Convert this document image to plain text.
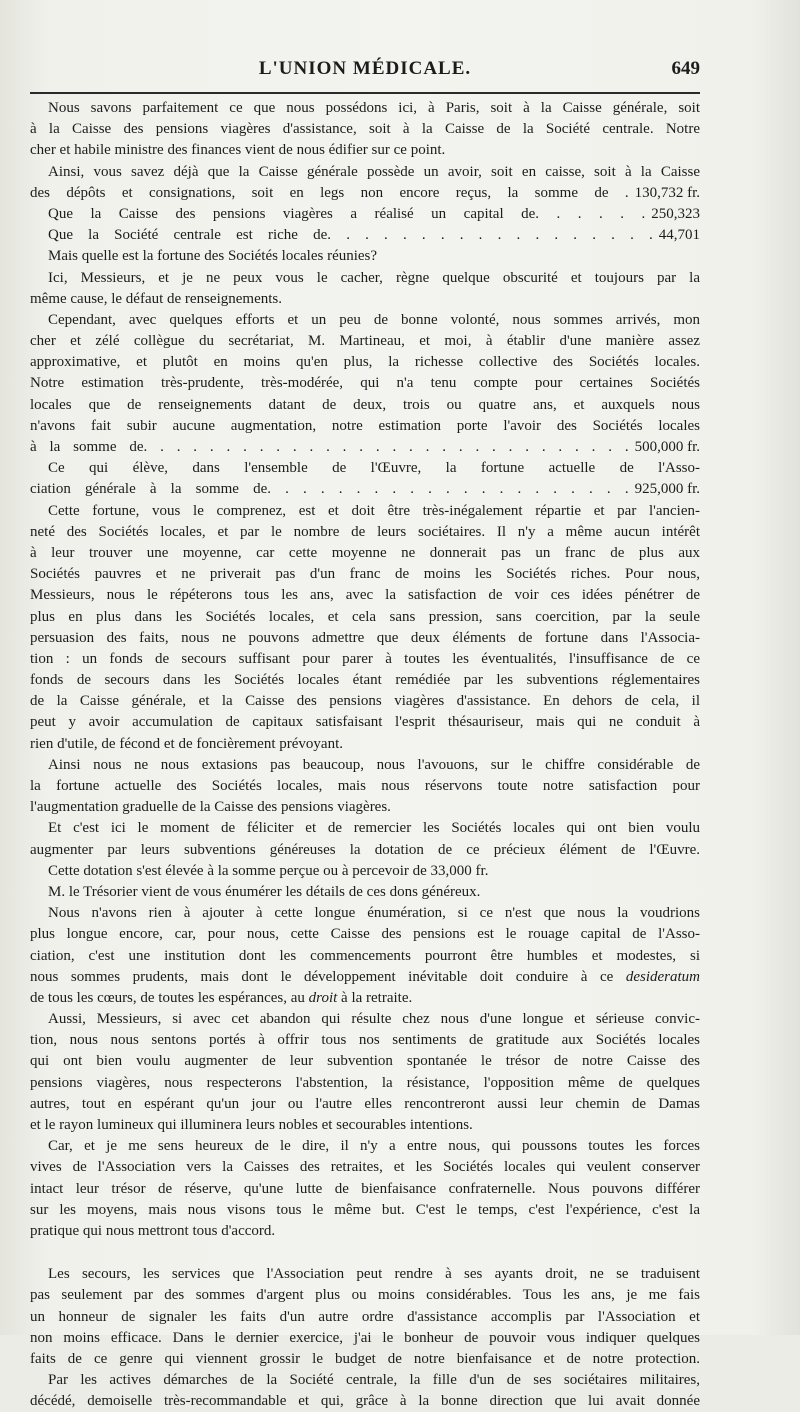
L'UNION MÉDICALE.	649
Nous savons parfaitement ce que nous possédons ici, à Paris, soit à la Caisse générale, soit
à la Caisse des pensions viagères d'assistance, soit à la Caisse de la Société centrale. Notre
cher et habile ministre des finances vient de nous édifier sur ce point.
Ainsi, vous savez déjà que la Caisse générale possède un avoir, soit en caisse, soit à la Caisse
des dépôts et consignations, soit en legs non encore reçus, la somme de . 130,732 fr.
Que la Caisse des pensions viagères a réalisé un capital de. . . . . . 250,323
Que la Société centrale est riche de. . . . . . . . . . . . . . . . . . 44,701
Mais quelle est la fortune des Sociétés locales réunies?
Ici, Messieurs, et je ne peux vous le cacher, règne quelque obscurité et toujours par la
même cause, le défaut de renseignements.
Cependant, avec quelques efforts et un peu de bonne volonté, nous sommes arrivés, mon
cher et zélé collègue du secrétariat, M. Martineau, et moi, à établir d'une manière assez
approximative, et plutôt en moins qu'en plus, la richesse collective des Sociétés locales.
Notre estimation très-prudente, très-modérée, qui n'a tenu compte pour certaines Sociétés
locales que de renseignements datant de deux, trois ou quatre ans, et auxquels nous
n'avons fait subir aucune augmentation, notre estimation porte l'avoir des Sociétés locales
à la somme de. . . . . . . . . . . . . . . . . . . . . . . . . . . . . . 500,000 fr.
Ce qui élève, dans l'ensemble de l'Œuvre, la fortune actuelle de l'Asso-
ciation générale à la somme de. . . . . . . . . . . . . . . . . . . . . 925,000 fr.
Cette fortune, vous le comprenez, est et doit être très-inégalement répartie et par l'ancien-
neté des Sociétés locales, et par le nombre de leurs sociétaires. Il n'y a même aucun intérêt
à leur trouver une moyenne, car cette moyenne ne donnerait pas un franc de plus aux
Sociétés pauvres et ne priverait pas d'un franc de moins les Sociétés riches. Pour nous,
Messieurs, nous le répéterons tous les ans, avec la satisfaction de voir ces idées pénétrer de
plus en plus dans les Sociétés locales, et cela sans pression, sans coercition, par la seule
persuasion des faits, nous ne pouvons admettre que deux éléments de fortune dans l'Associa-
tion : un fonds de secours suffisant pour parer à toutes les éventualités, l'insuffisance de ce
fonds de secours dans les Sociétés locales étant remédiée par les subventions réglementaires
de la Caisse générale, et la Caisse des pensions viagères d'assistance. En dehors de cela, il
peut y avoir accumulation de capitaux satisfaisant l'esprit thésauriseur, mais qui ne conduit à
rien d'utile, de fécond et de foncièrement prévoyant.
Ainsi nous ne nous extasions pas beaucoup, nous l'avouons, sur le chiffre considérable de
la fortune actuelle des Sociétés locales, mais nous réservons toute notre satisfaction pour
l'augmentation graduelle de la Caisse des pensions viagères.
Et c'est ici le moment de féliciter et de remercier les Sociétés locales qui ont bien voulu
augmenter par leurs subventions généreuses la dotation de ce précieux élément de l'Œuvre.
Cette dotation s'est élevée à la somme perçue ou à percevoir de 33,000 fr.
M. le Trésorier vient de vous énumérer les détails de ces dons généreux.
Nous n'avons rien à ajouter à cette longue énumération, si ce n'est que nous la voudrions
plus longue encore, car, pour nous, cette Caisse des pensions est le rouage capital de l'Asso-
ciation, c'est une institution dont les commencements pourront être humbles et modestes, si
nous sommes prudents, mais dont le développement inévitable doit conduire à ce desideratum
de tous les cœurs, de toutes les espérances, au droit à la retraite.
Aussi, Messieurs, si avec cet abandon qui résulte chez nous d'une longue et sérieuse convic-
tion, nous nous sentons portés à offrir tous nos sentiments de gratitude aux Sociétés locales
qui ont bien voulu augmenter de leur subvention spontanée le trésor de notre Caisse des
pensions viagères, nous respecterons l'abstention, la résistance, l'opposition même de quelques
autres, tout en espérant qu'un jour ou l'autre elles rencontreront aussi leur chemin de Damas
et le rayon lumineux qui illuminera leurs nobles et secourables intentions.
Car, et je me sens heureux de le dire, il n'y a entre nous, qui poussons toutes les forces
vives de l'Association vers la Caisses des retraites, et les Sociétés locales qui veulent conserver
intact leur trésor de réserve, qu'une lutte de bienfaisance confraternelle. Nous pouvons différer
sur les moyens, mais nous visons tous le même but. C'est le temps, c'est l'expérience, c'est la
pratique qui nous mettront tous d'accord.
Les secours, les services que l'Association peut rendre à ses ayants droit, ne se traduisent
pas seulement par des sommes d'argent plus ou moins considérables. Tous les ans, je me fais
un honneur de signaler les faits d'un autre ordre d'assistance accomplis par l'Association et
non moins efficace. Dans le dernier exercice, j'ai le bonheur de pouvoir vous indiquer quelques
faits de ce genre qui viennent grossir le budget de notre bienfaisance et de notre protection.
Par les actives démarches de la Société centrale, la fille d'un de ses sociétaires militaires,
décédé, demoiselle très-recommandable et qui, grâce à la bonne direction que lui avait donnée
